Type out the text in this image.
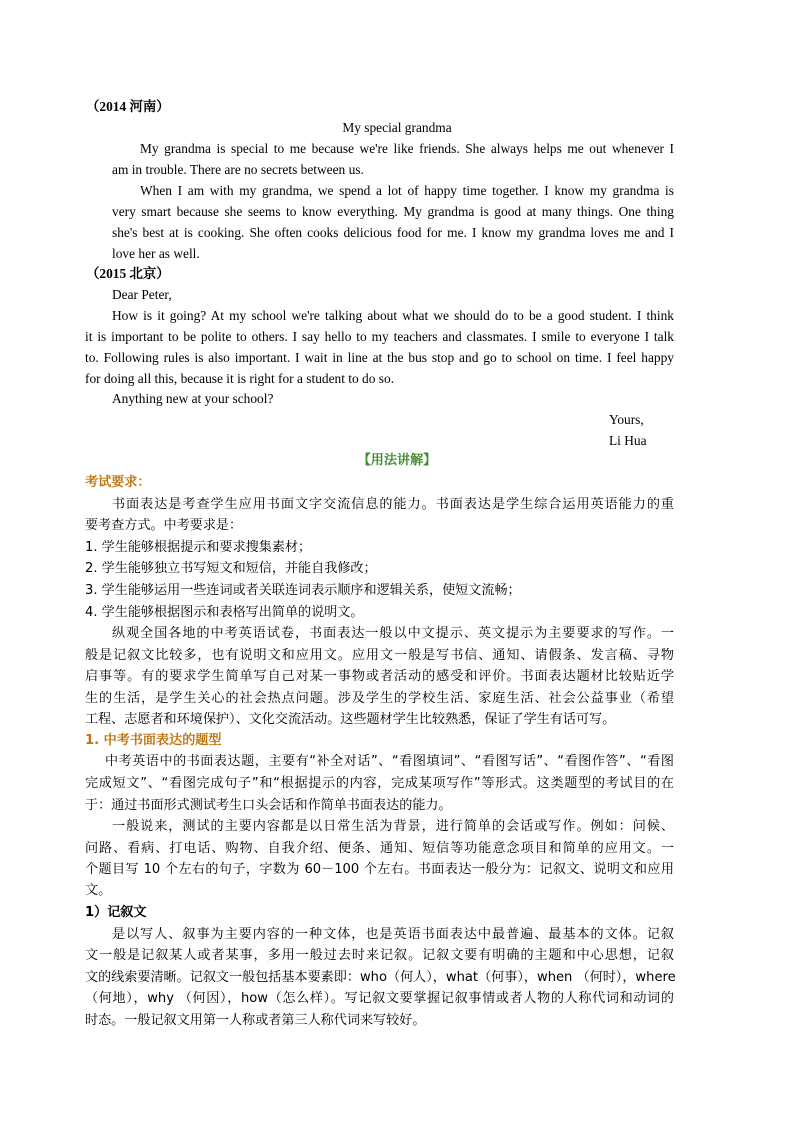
（2014 河南）
My special grandma
My grandma is special to me because we're like friends. She always helps me out whenever I
am in trouble. There are no secrets between us.
When I am with my grandma, we spend a lot of happy time together. I know my grandma is
very smart because she seems to know everything. My grandma is good at many things. One thing
she's best at is cooking. She often cooks delicious food for me. I know my grandma loves me and I
love her as well.
（2015 北京）
Dear Peter,
How is it going? At my school we're talking about what we should do to be a good student. I think
it is important to be polite to others. I say hello to my teachers and classmates. I smile to everyone I talk
to. Following rules is also important. I wait in line at the bus stop and go to school on time. I feel happy
for doing all this, because it is right for a student to do so.
Anything new at your school?
Yours,
Li Hua
【用法讲解】
考试要求：
书面表达是考查学生应用书面文字交流信息的能力。书面表达是学生综合运用英语能力的重
要考查方式。中考要求是：
1. 学生能够根据提示和要求搜集素材；
2. 学生能够独立书写短文和短信，并能自我修改；
3. 学生能够运用一些连词或者关联连词表示顺序和逻辑关系，使短文流畅；
4. 学生能够根据图示和表格写出简单的说明文。
纵观全国各地的中考英语试卷，书面表达一般以中文提示、英文提示为主要要求的写作。一
般是记叙文比较多，也有说明文和应用文。应用文一般是写书信、通知、请假条、发言稿、寻物
启事等。有的要求学生简单写自己对某一事物或者活动的感受和评价。书面表达题材比较贴近学
生的生活，是学生关心的社会热点问题。涉及学生的学校生活、家庭生活、社会公益事业（希望
工程、志愿者和环境保护）、文化交流活动。这些题材学生比较熟悉，保证了学生有话可写。
1. 中考书面表达的题型
中考英语中的书面表达题，主要有“补全对话”、“看图填词”、“看图写话”、“看图作答”、“看图
完成短文”、“看图完成句子”和“根据提示的内容，完成某项写作”等形式。这类题型的考试目的在
于：通过书面形式测试考生口头会话和作简单书面表达的能力。
一般说来，测试的主要内容都是以日常生活为背景，进行简单的会话或写作。例如：问候、
问路、看病、打电话、购物、自我介绍、便条、通知、短信等功能意念项目和简单的应用文。一
个题目写 10 个左右的句子，字数为 60－100 个左右。书面表达一般分为：记叙文、说明文和应用
文。
1）记叙文
是以写人、叙事为主要内容的一种文体，也是英语书面表达中最普遍、最基本的文体。记叙
文一般是记叙某人或者某事，多用一般过去时来记叙。记叙文要有明确的主题和中心思想，记叙
文的线索要清晰。记叙文一般包括基本要素即：who（何人），what（何事），when （何时），where
（何地），why （何因），how（怎么样）。写记叙文要掌握记叙事情或者人物的人称代词和动词的
时态。一般记叙文用第一人称或者第三人称代词来写较好。
